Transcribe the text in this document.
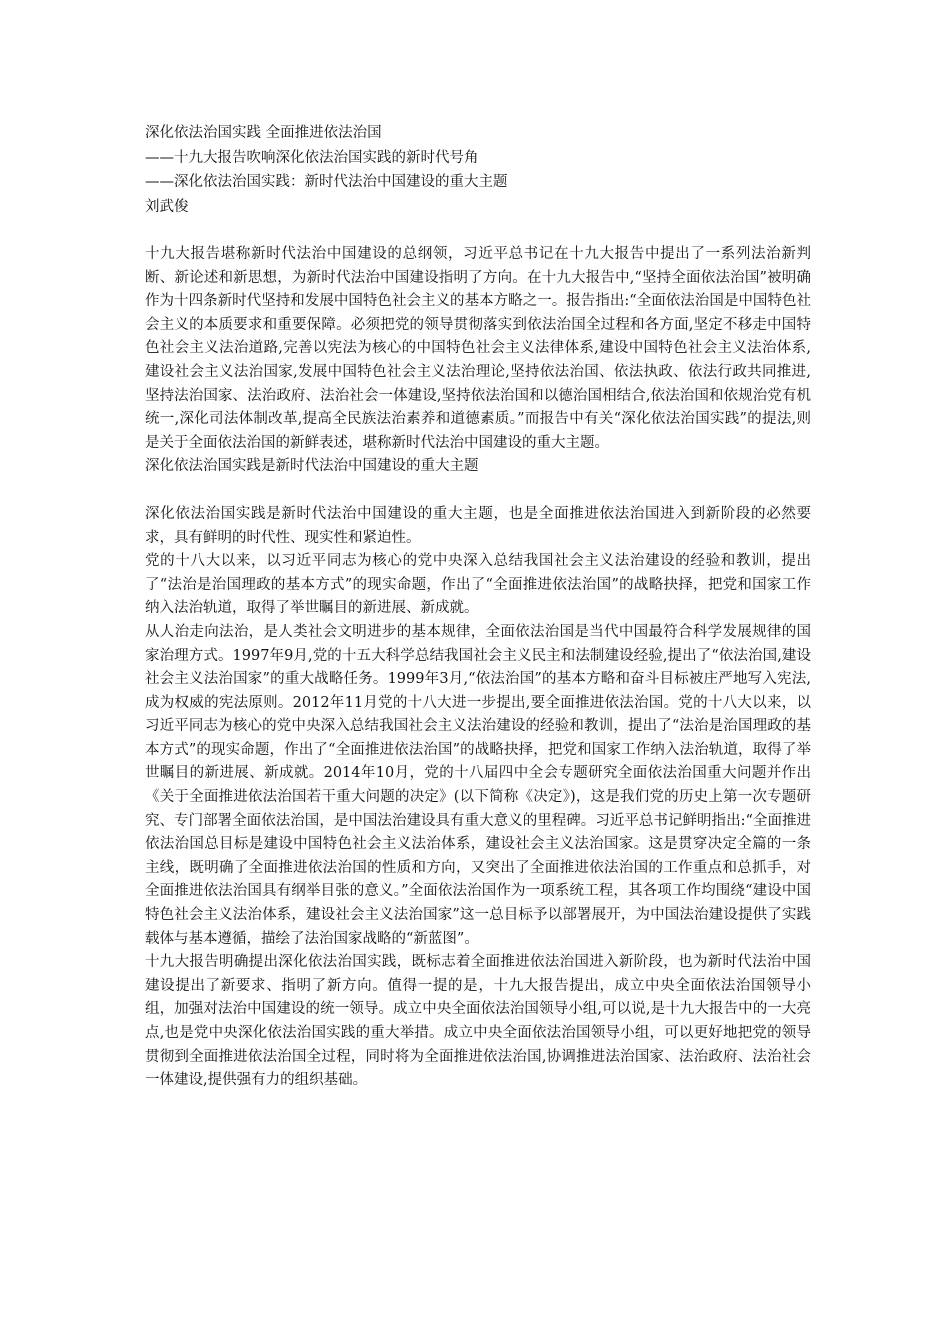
深化依法治国实践 全面推进依法治国
——十九大报告吹响深化依法治国实践的新时代号角
——深化依法治国实践：新时代法治中国建设的重大主题
刘武俊

十九大报告堪称新时代法治中国建设的总纲领，习近平总书记在十九大报告中提出了一系列法治新判断、新论述和新思想，为新时代法治中国建设指明了方向。在十九大报告中,“坚持全面依法治国”被明确作为十四条新时代坚持和发展中国特色社会主义的基本方略之一。报告指出:“全面依法治国是中国特色社会主义的本质要求和重要保障。必须把党的领导贯彻落实到依法治国全过程和各方面,坚定不移走中国特色社会主义法治道路,完善以宪法为核心的中国特色社会主义法律体系,建设中国特色社会主义法治体系,建设社会主义法治国家,发展中国特色社会主义法治理论,坚持依法治国、依法执政、依法行政共同推进,坚持法治国家、法治政府、法治社会一体建设,坚持依法治国和以德治国相结合,依法治国和依规治党有机统一,深化司法体制改革,提高全民族法治素养和道德素质。”而报告中有关“深化依法治国实践”的提法,则是关于全面依法治国的新鲜表述，堪称新时代法治中国建设的重大主题。

深化依法治国实践是新时代法治中国建设的重大主题

深化依法治国实践是新时代法治中国建设的重大主题，也是全面推进依法治国进入到新阶段的必然要求，具有鲜明的时代性、现实性和紧迫性。

党的十八大以来，以习近平同志为核心的党中央深入总结我国社会主义法治建设的经验和教训，提出了“法治是治国理政的基本方式”的现实命题，作出了“全面推进依法治国”的战略抉择，把党和国家工作纳入法治轨道，取得了举世瞩目的新进展、新成就。

从人治走向法治，是人类社会文明进步的基本规律，全面依法治国是当代中国最符合科学发展规律的国家治理方式。1997年9月,党的十五大科学总结我国社会主义民主和法制建设经验,提出了“依法治国,建设社会主义法治国家”的重大战略任务。1999年3月,“依法治国”的基本方略和奋斗目标被庄严地写入宪法,成为权威的宪法原则。2012年11月党的十八大进一步提出,要全面推进依法治国。党的十八大以来，以习近平同志为核心的党中央深入总结我国社会主义法治建设的经验和教训，提出了“法治是治国理政的基本方式”的现实命题，作出了“全面推进依法治国”的战略抉择，把党和国家工作纳入法治轨道，取得了举世瞩目的新进展、新成就。2014年10月，党的十八届四中全会专题研究全面依法治国重大问题并作出《关于全面推进依法治国若干重大问题的决定》(以下简称《决定》)，这是我们党的历史上第一次专题研究、专门部署全面依法治国，是中国法治建设具有重大意义的里程碑。习近平总书记鲜明指出:“全面推进依法治国总目标是建设中国特色社会主义法治体系，建设社会主义法治国家。这是贯穿决定全篇的一条主线，既明确了全面推进依法治国的性质和方向，又突出了全面推进依法治国的工作重点和总抓手，对全面推进依法治国具有纲举目张的意义。”全面依法治国作为一项系统工程，其各项工作均围绕“建设中国特色社会主义法治体系，建设社会主义法治国家”这一总目标予以部署展开，为中国法治建设提供了实践载体与基本遵循，描绘了法治国家战略的“新蓝图”。

十九大报告明确提出深化依法治国实践，既标志着全面推进依法治国进入新阶段，也为新时代法治中国建设提出了新要求、指明了新方向。值得一提的是，十九大报告提出，成立中央全面依法治国领导小组，加强对法治中国建设的统一领导。成立中央全面依法治国领导小组,可以说,是十九大报告中的一大亮点,也是党中央深化依法治国实践的重大举措。成立中央全面依法治国领导小组，可以更好地把党的领导贯彻到全面推进依法治国全过程，同时将为全面推进依法治国,协调推进法治国家、法治政府、法治社会一体建设,提供强有力的组织基础。
